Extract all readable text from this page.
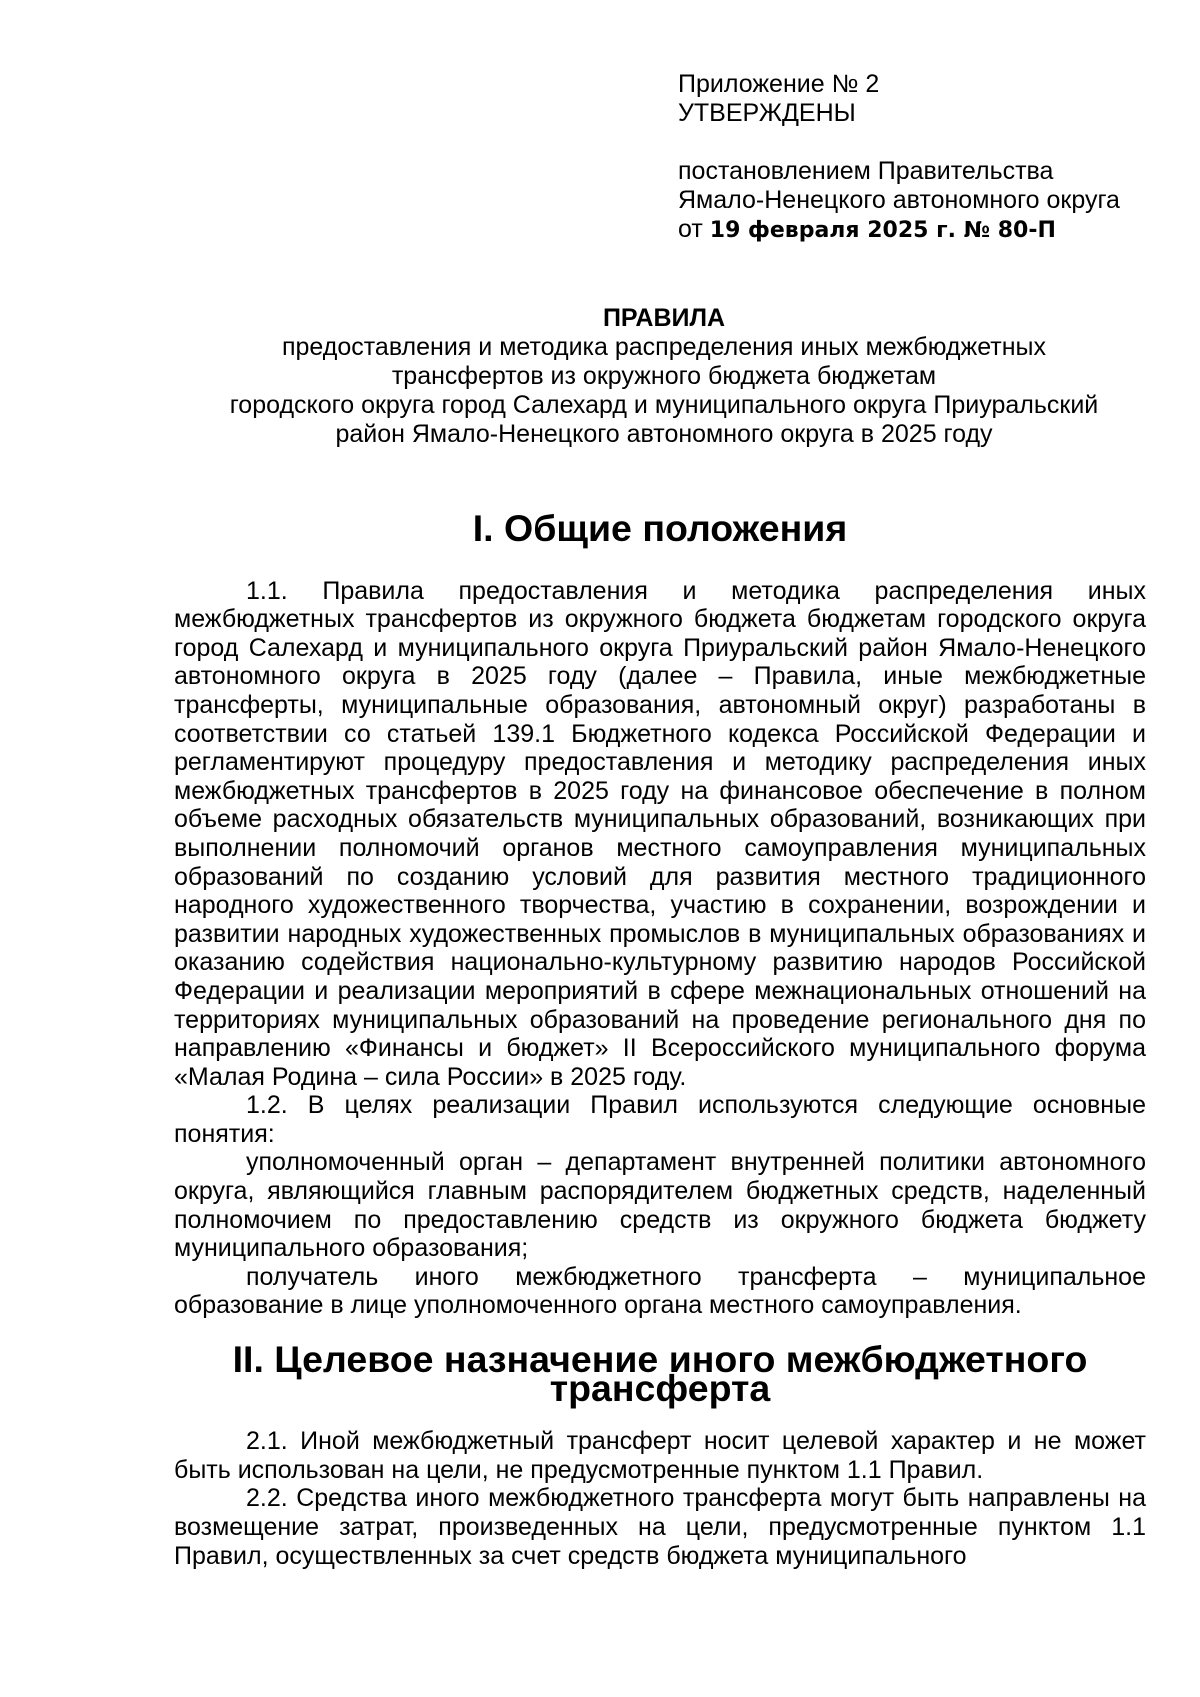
Приложение № 2
УТВЕРЖДЕНЫ
постановлением Правительства
Ямало-Ненецкого автономного округа
от 19 февраля 2025 г. № 80-П
ПРАВИЛА
предоставления и методика распределения иных межбюджетных
трансфертов из окружного бюджета бюджетам
городского округа город Салехард и муниципального округа Приуральский
район Ямало-Ненецкого автономного округа в 2025 году
I. Общие положения

1.1. Правила предоставления и методика распределения иных межбюджетных трансфертов из окружного бюджета бюджетам городского округа город Салехард и муниципального округа Приуральский район Ямало-Ненецкого автономного округа в 2025 году (далее – Правила, иные межбюджетные трансферты, муниципальные образования, автономный округ) разработаны в соответствии со статьей 139.1 Бюджетного кодекса Российской Федерации и регламентируют процедуру предоставления и методику распределения иных межбюджетных трансфертов в 2025 году на финансовое обеспечение в полном объеме расходных обязательств муниципальных образований, возникающих при выполнении полномочий органов местного самоуправления муниципальных образований по созданию условий для развития местного традиционного народного художественного творчества, участию в сохранении, возрождении и развитии народных художественных промыслов в муниципальных образованиях и оказанию содействия национально-культурному развитию народов Российской Федерации и реализации мероприятий в сфере межнациональных отношений на территориях муниципальных образований на проведение регионального дня по направлению «Финансы и бюджет» II Всероссийского муниципального форума «Малая Родина – сила России» в 2025 году.

1.2. В целях реализации Правил используются следующие основные понятия:

уполномоченный орган – департамент внутренней политики автономного округа, являющийся главным распорядителем бюджетных средств, наделенный полномочием по предоставлению средств из окружного бюджета бюджету муниципального образования;

получатель иного межбюджетного трансферта – муниципальное образование в лице уполномоченного органа местного самоуправления.

II. Целевое назначение иного межбюджетного трансферта

2.1. Иной межбюджетный трансферт носит целевой характер и не может быть использован на цели, не предусмотренные пунктом 1.1 Правил.

2.2. Средства иного межбюджетного трансферта могут быть направлены на возмещение затрат, произведенных на цели, предусмотренные пунктом 1.1 Правил, осуществленных за счет средств бюджета муниципального
